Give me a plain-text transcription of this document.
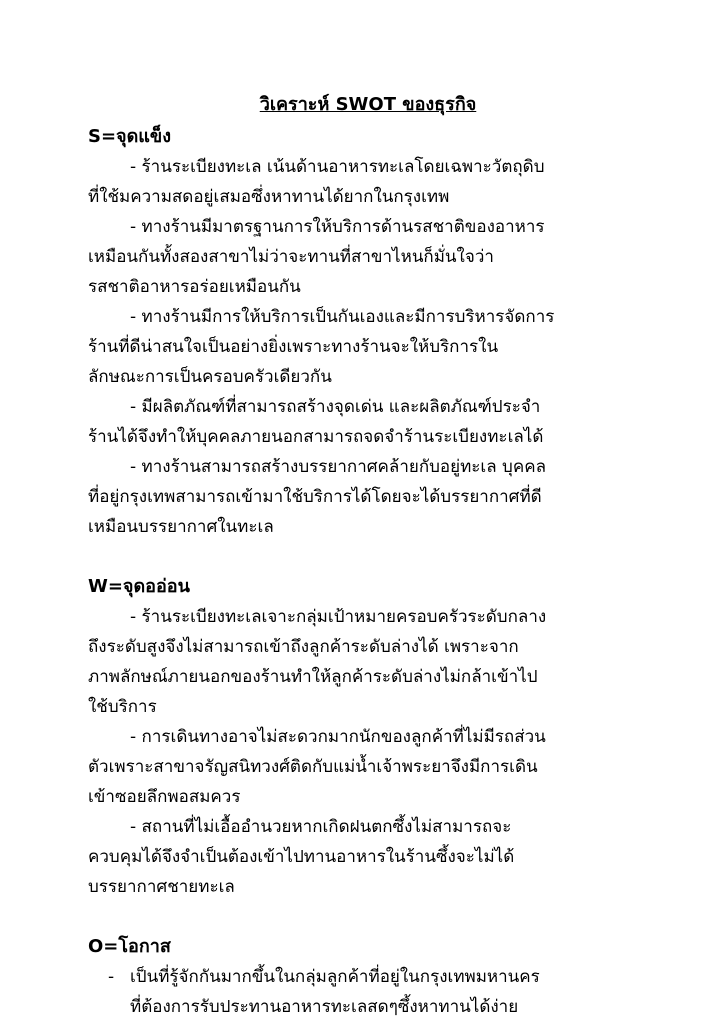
วิเคราะห์ SWOT ของธุรกิจ
S=จุดแข็ง
- ร้านระเบียงทะเล เน้นด้านอาหารทะเลโดยเฉพาะวัตถุดิบ
ที่ใช้มความสดอยู่เสมอซึ่งหาทานได้ยากในกรุงเทพ
- ทางร้านมีมาตรฐานการให้บริการด้านรสชาติของอาหาร
เหมือนกันทั้งสองสาขาไม่ว่าจะทานที่สาขาไหนก็มั่นใจว่า
รสชาติอาหารอร่อยเหมือนกัน
- ทางร้านมีการให้บริการเป็นกันเองและมีการบริหารจัดการ
ร้านที่ดีน่าสนใจเป็นอย่างยิ่งเพราะทางร้านจะให้บริการใน
ลักษณะการเป็นครอบครัวเดียวกัน
- มีผลิตภัณฑ์ที่สามารถสร้างจุดเด่น และผลิตภัณฑ์ประจำ
ร้านได้จึงทำให้บุคคลภายนอกสามารถจดจำร้านระเบียงทะเลได้
- ทางร้านสามารถสร้างบรรยากาศคล้ายกับอยู่ทะเล บุคคล
ที่อยู่กรุงเทพสามารถเข้ามาใช้บริการได้โดยจะได้บรรยากาศที่ดี
เหมือนบรรยากาศในทะเล
W=จุดออ่อน
- ร้านระเบียงทะเลเจาะกลุ่มเป้าหมายครอบครัวระดับกลาง
ถึงระดับสูงจึงไม่สามารถเข้าถึงลูกค้าระดับล่างได้ เพราะจาก
ภาพลักษณ์ภายนอกของร้านทำให้ลูกค้าระดับล่างไม่กล้าเข้าไป
ใช้บริการ
- การเดินทางอาจไม่สะดวกมากนักของลูกค้าที่ไม่มีรถส่วน
ตัวเพราะสาขาจรัญสนิทวงศ์ติดกับแม่น้ำเจ้าพระยาจึงมีการเดิน
เข้าซอยลึกพอสมควร
- สถานที่ไม่เอื้ออำนวยหากเกิดฝนตกซึ้งไม่สามารถจะ
ควบคุมได้จึงจำเป็นต้องเข้าไปทานอาหารในร้านซึ้งจะไม่ได้
บรรยากาศชายทะเล
O=โอกาส
- เป็นที่รู้จักกันมากขึ้นในกลุ่มลูกค้าที่อยู่ในกรุงเทพมหานคร
ที่ต้องการรับประทานอาหารทะเลสดๆซึ้งหาทานได้ง่าย
